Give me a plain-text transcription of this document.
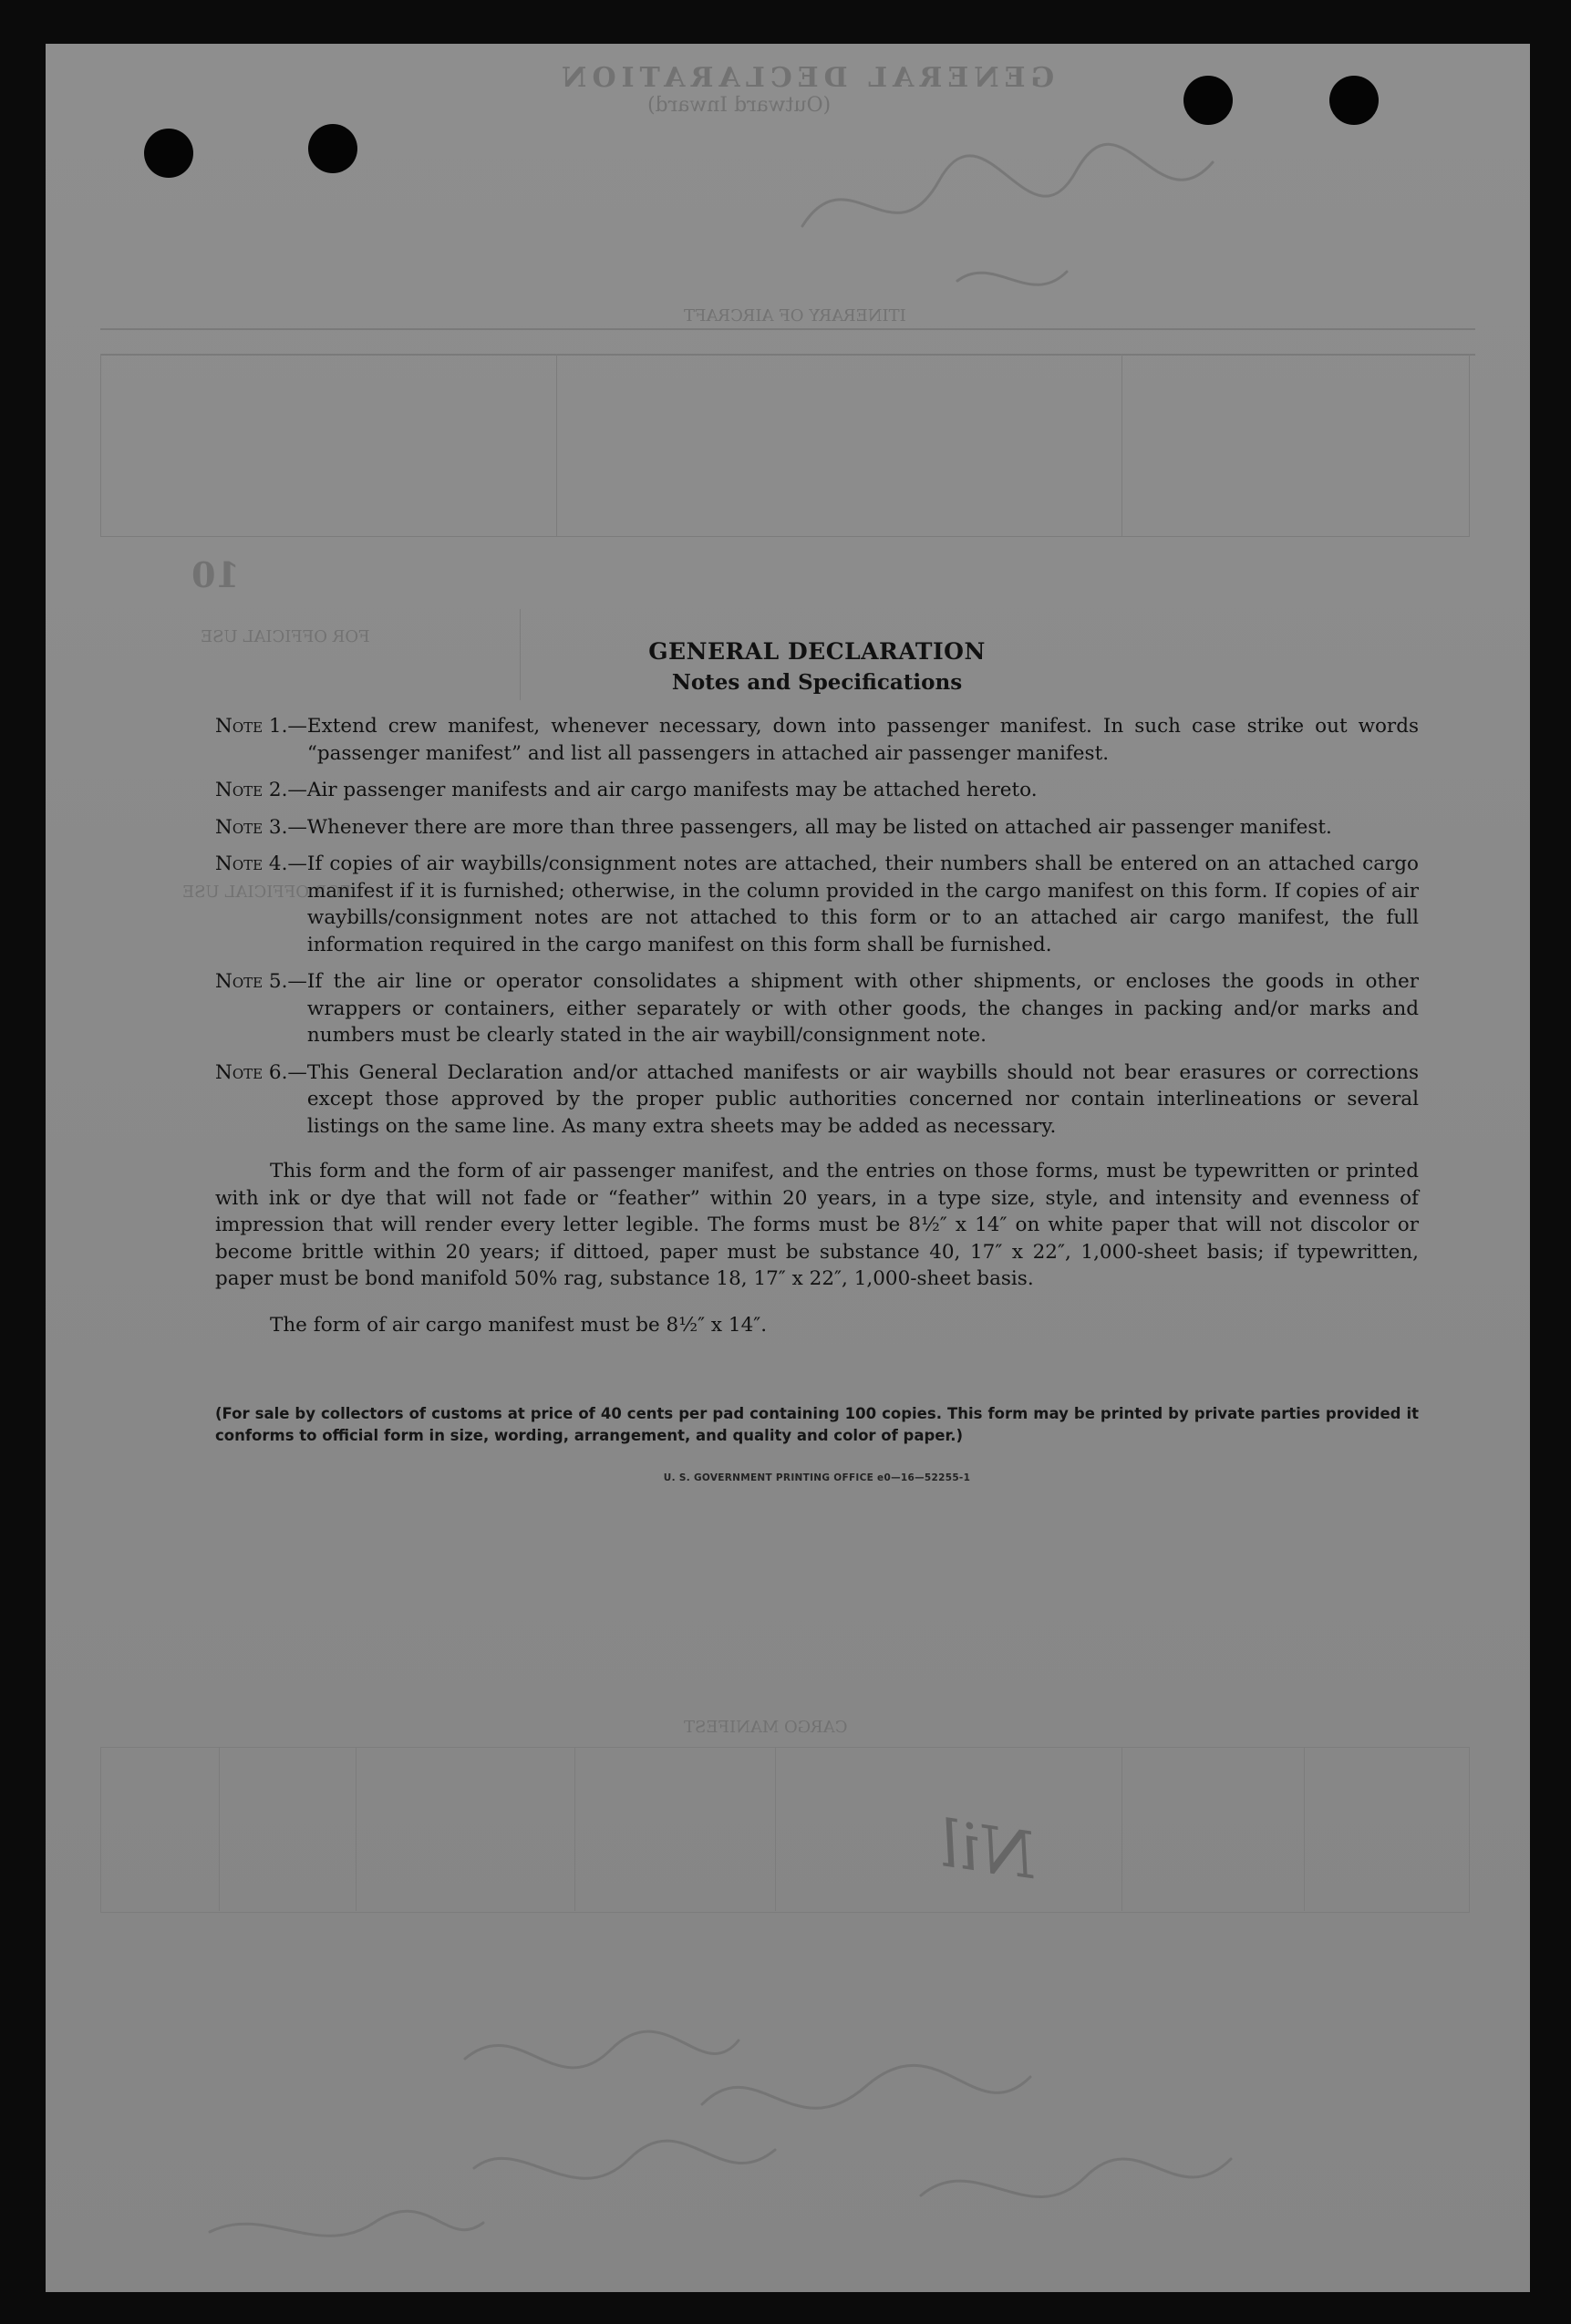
GENERAL DECLARATION
(Outward Inward)
ITINERARY OF AIRCRAFT
10
FOR OFFICIAL USE
FOR OFFICIAL USE
CARGO MANIFEST
Nil
GENERAL DECLARATION
Notes and Specifications
Note 1.— Extend crew manifest, whenever necessary, down into passenger manifest. In such case strike out words “passenger manifest” and list all passengers in attached air passenger manifest.
Note 2.— Air passenger manifests and air cargo manifests may be attached hereto.
Note 3.— Whenever there are more than three passengers, all may be listed on attached air passenger manifest.
Note 4.— If copies of air waybills/consignment notes are attached, their numbers shall be entered on an attached cargo manifest if it is furnished; otherwise, in the column provided in the cargo manifest on this form. If copies of air waybills/consignment notes are not attached to this form or to an attached air cargo manifest, the full information required in the cargo manifest on this form shall be furnished.
Note 5.— If the air line or operator consolidates a shipment with other shipments, or encloses the goods in other wrappers or containers, either separately or with other goods, the changes in packing and/or marks and numbers must be clearly stated in the air waybill/consignment note.
Note 6.— This General Declaration and/or attached manifests or air waybills should not bear erasures or corrections except those approved by the proper public authorities concerned nor contain interlineations or several listings on the same line. As many extra sheets may be added as necessary.

This form and the form of air passenger manifest, and the entries on those forms, must be typewritten or printed with ink or dye that will not fade or “feather” within 20 years, in a type size, style, and intensity and evenness of impression that will render every letter legible. The forms must be 8½″ x 14″ on white paper that will not discolor or become brittle within 20 years; if dittoed, paper must be substance 40, 17″ x 22″, 1,000-sheet basis; if typewritten, paper must be bond manifold 50% rag, substance 18, 17″ x 22″, 1,000-sheet basis.

The form of air cargo manifest must be 8½″ x 14″.

(For sale by collectors of customs at price of 40 cents per pad containing 100 copies. This form may be printed by private parties provided it conforms to official form in size, wording, arrangement, and quality and color of paper.)

U. S. GOVERNMENT PRINTING OFFICE e0—16—52255-1
